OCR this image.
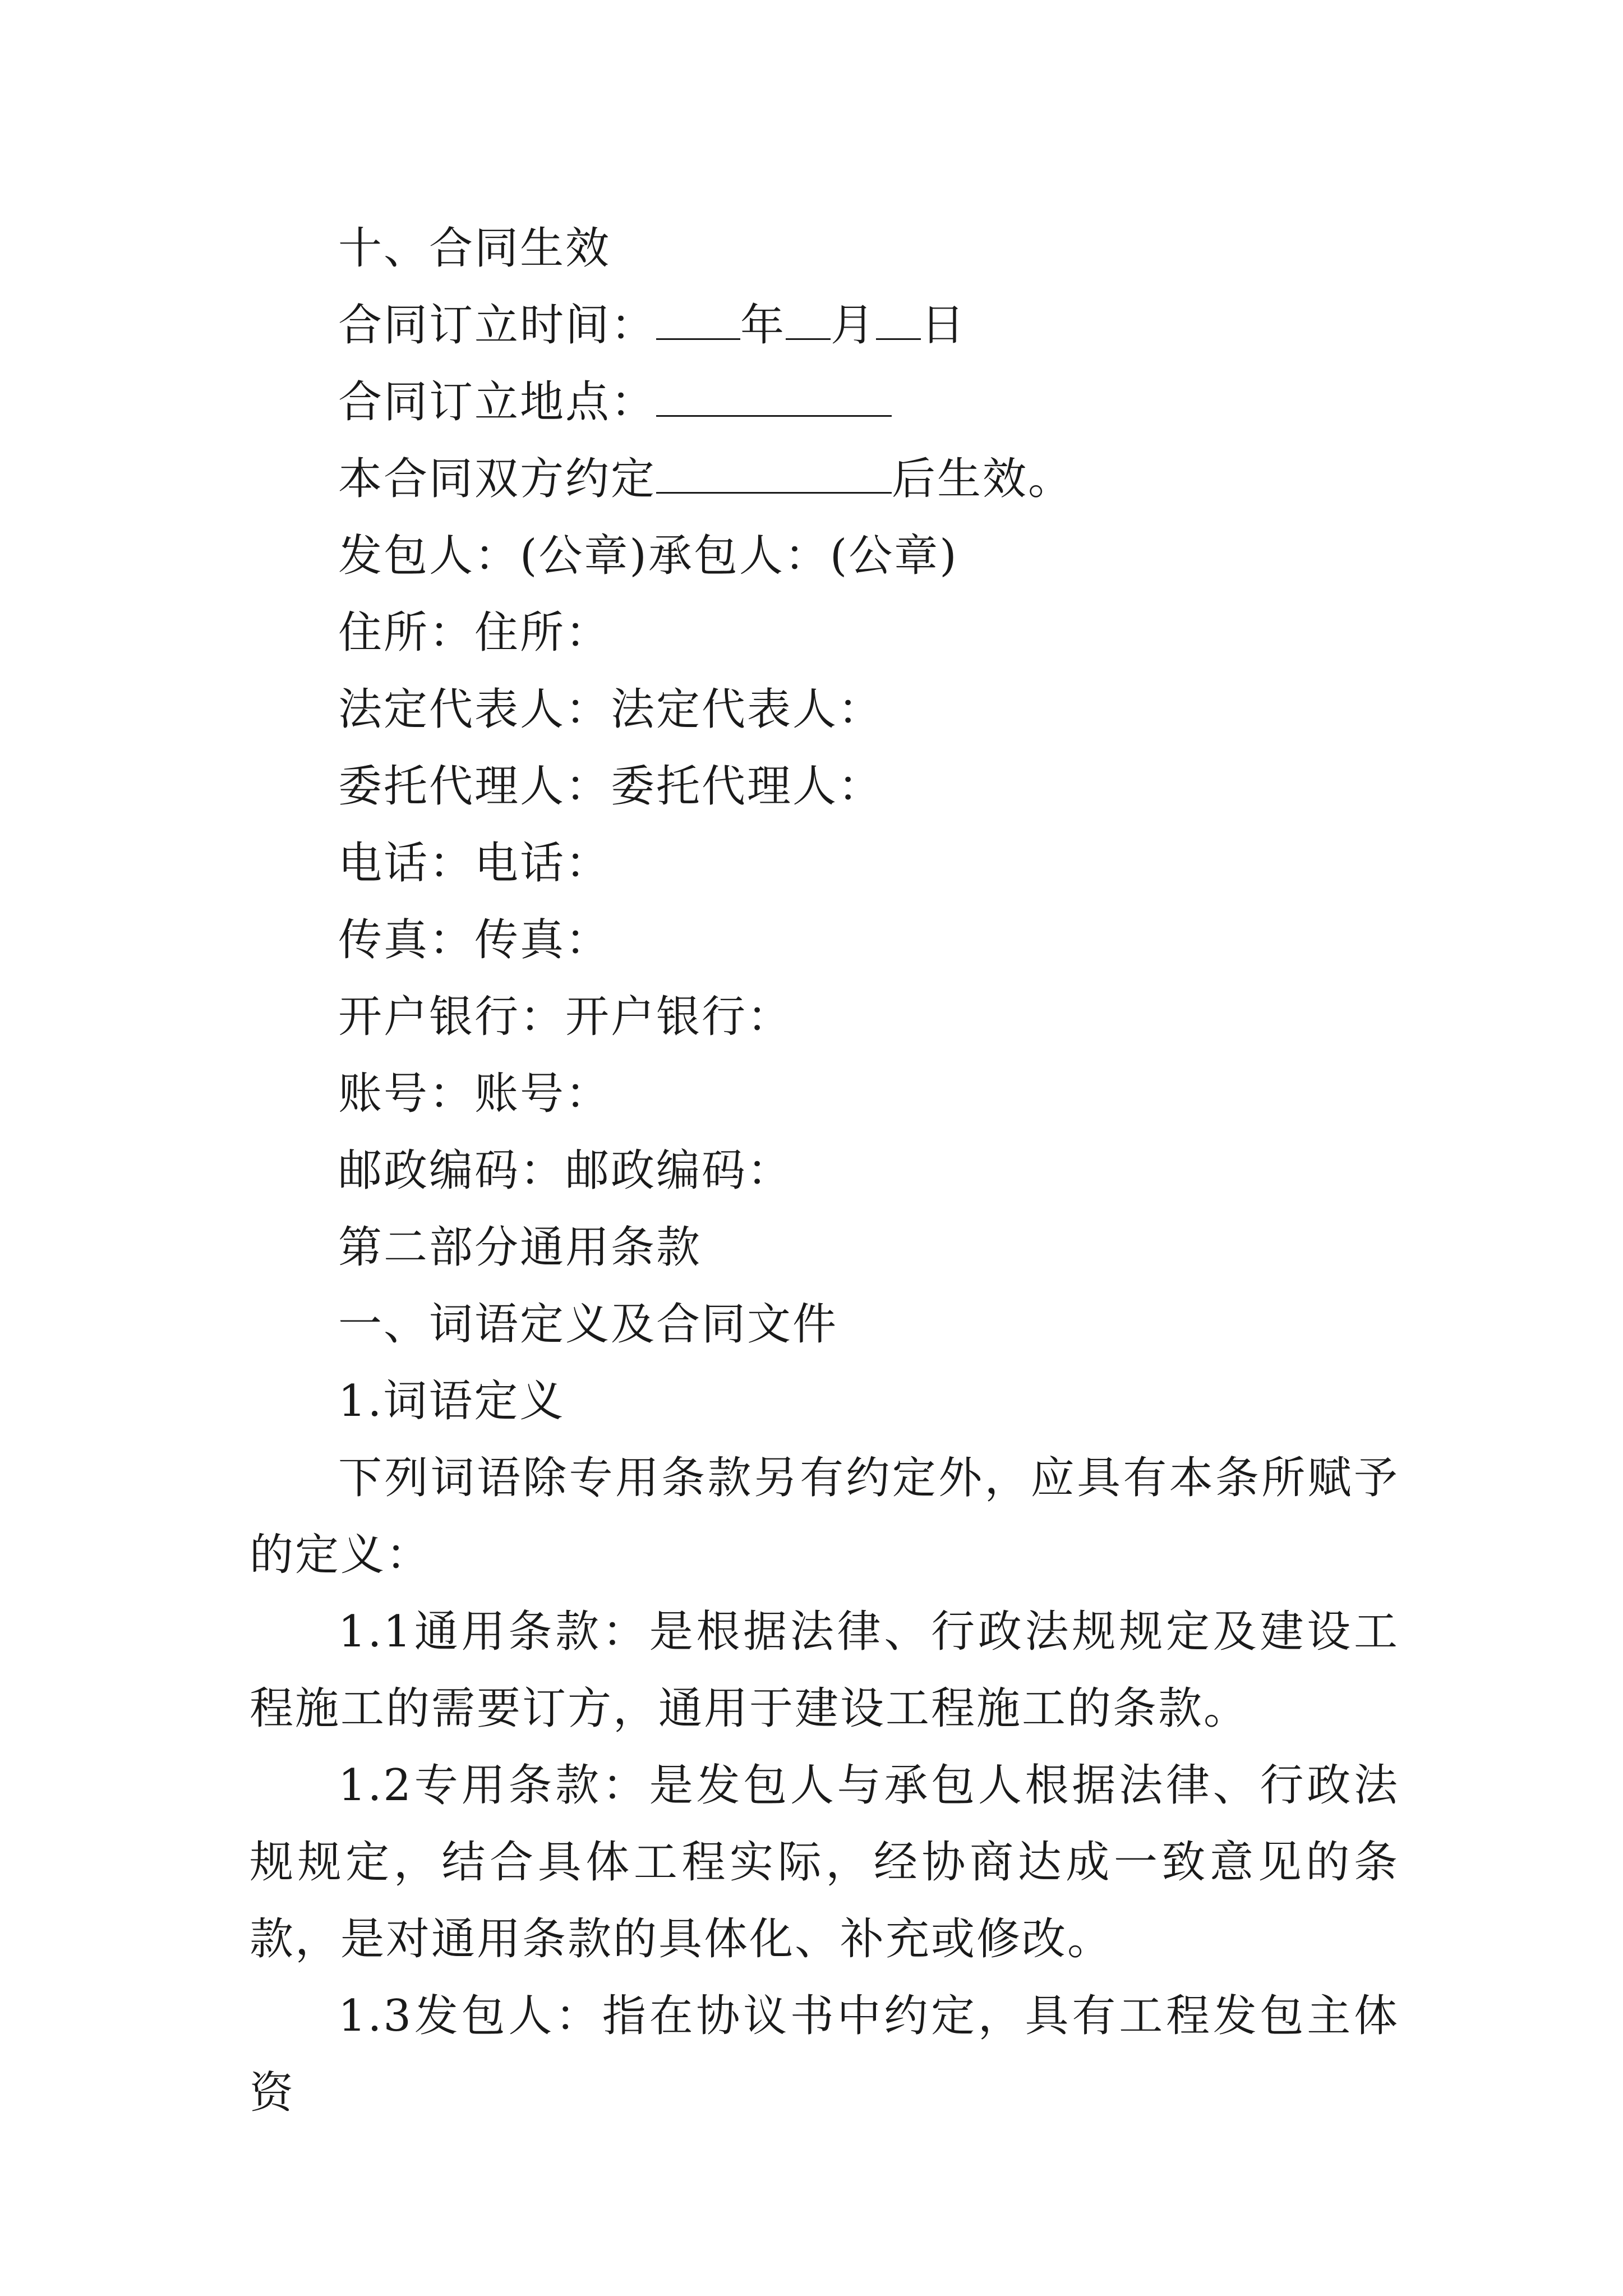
十、合同生效
合同订立时间： 年 月 日
合同订立地点：
本合同双方约定	后生效。
发包人：(公章)承包人：(公章)
住所：住所：
法定代表人：法定代表人：
委托代理人：委托代理人：
电话：电话：
传真：传真：
开户银行：开户银行：
账号：账号：
邮政编码：邮政编码：
第二部分通用条款
一、词语定义及合同文件
1.词语定义
下列词语除专用条款另有约定外，应具有本条所赋予的定义：
1.1通用条款：是根据法律、行政法规规定及建设工程施工的需要订方，通用于建设工程施工的条款。
1.2专用条款：是发包人与承包人根据法律、行政法规规定，结合具体工程实际，经协商达成一致意见的条款，是对通用条款的具体化、补充或修改。
1.3发包人：指在协议书中约定，具有工程发包主体资
